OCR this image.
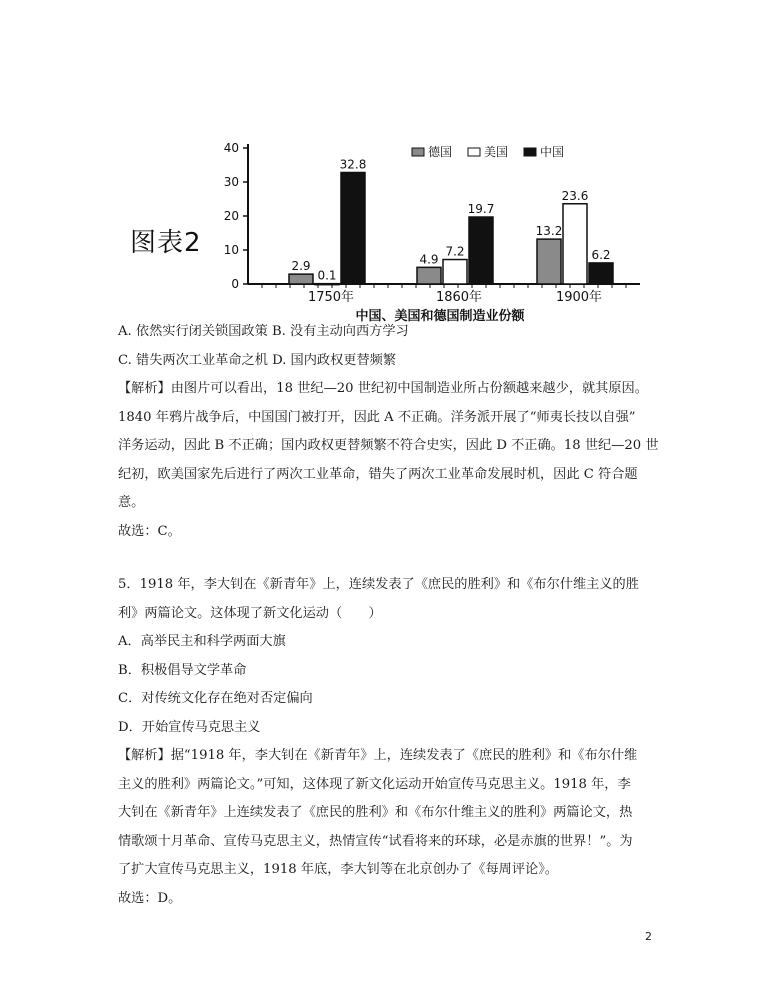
图表2
0
10
20
30
40
2.9
0.1
32.8
1750年
4.9
7.2
19.7
1860年
13.2
23.6
6.2
1900年
中国、美国和德国制造业份额
德国	美国	中国
A. 依然实行闭关锁国政策 B. 没有主动向西方学习
C. 错失两次工业革命之机 D. 国内政权更替频繁
【解析】由图片可以看出，18 世纪—20 世纪初中国制造业所占份额越来越少，就其原因。
1840 年鸦片战争后，中国国门被打开，因此 A 不正确。洋务派开展了“师夷长技以自强”
洋务运动，因此 B 不正确；国内政权更替频繁不符合史实，因此 D 不正确。18 世纪—20 世
纪初，欧美国家先后进行了两次工业革命，错失了两次工业革命发展时机，因此 C 符合题
意。
故选：C。
5．1918 年，李大钊在《新青年》上，连续发表了《庶民的胜利》和《布尔什维主义的胜
利》两篇论文。这体现了新文化运动（　　）
A．高举民主和科学两面大旗
B．积极倡导文学革命
C．对传统文化存在绝对否定偏向
D．开始宣传马克思主义
【解析】据“1918 年，李大钊在《新青年》上，连续发表了《庶民的胜利》和《布尔什维
主义的胜利》两篇论文。”可知，这体现了新文化运动开始宣传马克思主义。1918 年，李
大钊在《新青年》上连续发表了《庶民的胜利》和《布尔什维主义的胜利》两篇论文，热
情歌颂十月革命、宣传马克思主义，热情宣传“试看将来的环球，必是赤旗的世界！”。为
了扩大宣传马克思主义，1918 年底，李大钊等在北京创办了《每周评论》。
故选：D。
2
